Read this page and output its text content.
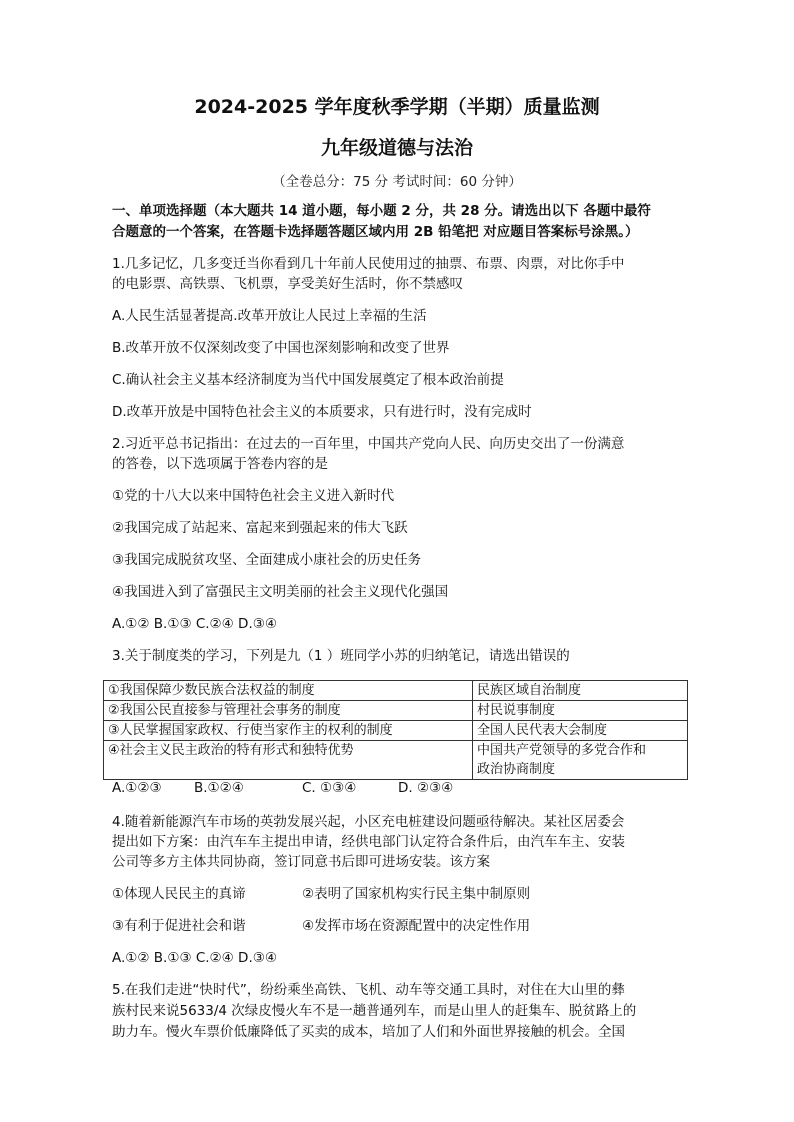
2024-2025 学年度秋季学期（半期）质量监测
九年级道德与法治
（全卷总分：75 分 考试时间：60 分钟）
一、单项选择题（本大题共 14 道小题，每小题 2 分，共 28 分。请选出以下 各题中最符
合题意的一个答案，在答题卡选择题答题区域内用 2B 铅笔把 对应题目答案标号涂黑。）
1.几多记忆，几多变迁当你看到几十年前人民使用过的抽票、布票、肉票，对比你手中
的电影票、高铁票、飞机票，享受美好生活时，你不禁感叹
A.人民生活显著提高.改革开放让人民过上幸福的生活
B.改革开放不仅深刻改变了中国也深刻影响和改变了世界
C.确认社会主义基本经济制度为当代中国发展奠定了根本政治前提
D.改革开放是中国特色社会主义的本质要求，只有进行时，没有完成时
2.习近平总书记指出：在过去的一百年里，中国共产党向人民、向历史交出了一份满意
的答卷，以下选项属于答卷内容的是
①党的十八大以来中国特色社会主义进入新时代
②我国完成了站起来、富起来到强起来的伟大飞跃
③我国完成脱贫攻坚、全面建成小康社会的历史任务
④我国进入到了富强民主文明美丽的社会主义现代化强国
A.①② B.①③ C.②④ D.③④
3.关于制度类的学习，下列是九（1 ）班同学小苏的归纳笔记，请选出错误的
①我国保障少数民族合法权益的制度	民族区域自治制度
②我国公民直接参与管理社会事务的制度	村民说事制度
③人民掌握国家政权、行使当家作主的权利的制度	全国人民代表大会制度
④社会主义民主政治的特有形式和独特优势	中国共产党领导的多党合作和
政治协商制度
A.①②③ B.①②④	C. ①③④	D. ②③④
4.随着新能源汽车市场的英勃发展兴起，小区充电桩建设问题亟待解决。某社区居委会
提出如下方案：由汽车车主提出申请，经供电部门认定符合条件后，由汽车车主、安装
公司等多方主体共同协商，签订同意书后即可进场安装。该方案
①体现人民民主的真谛	②表明了国家机构实行民主集中制原则
③有利于促进社会和谐	④发挥市场在资源配置中的决定性作用
A.①② B.①③ C.②④ D.③④
5.在我们走进“快时代”，纷纷乘坐高铁、飞机、动车等交通工具时，对住在大山里的彝
族村民来说5633/4 次绿皮慢火车不是一趟普通列车，而是山里人的赶集车、脱贫路上的
助力车。慢火车票价低廉降低了买卖的成本，培加了人们和外面世界接触的机会。全国
